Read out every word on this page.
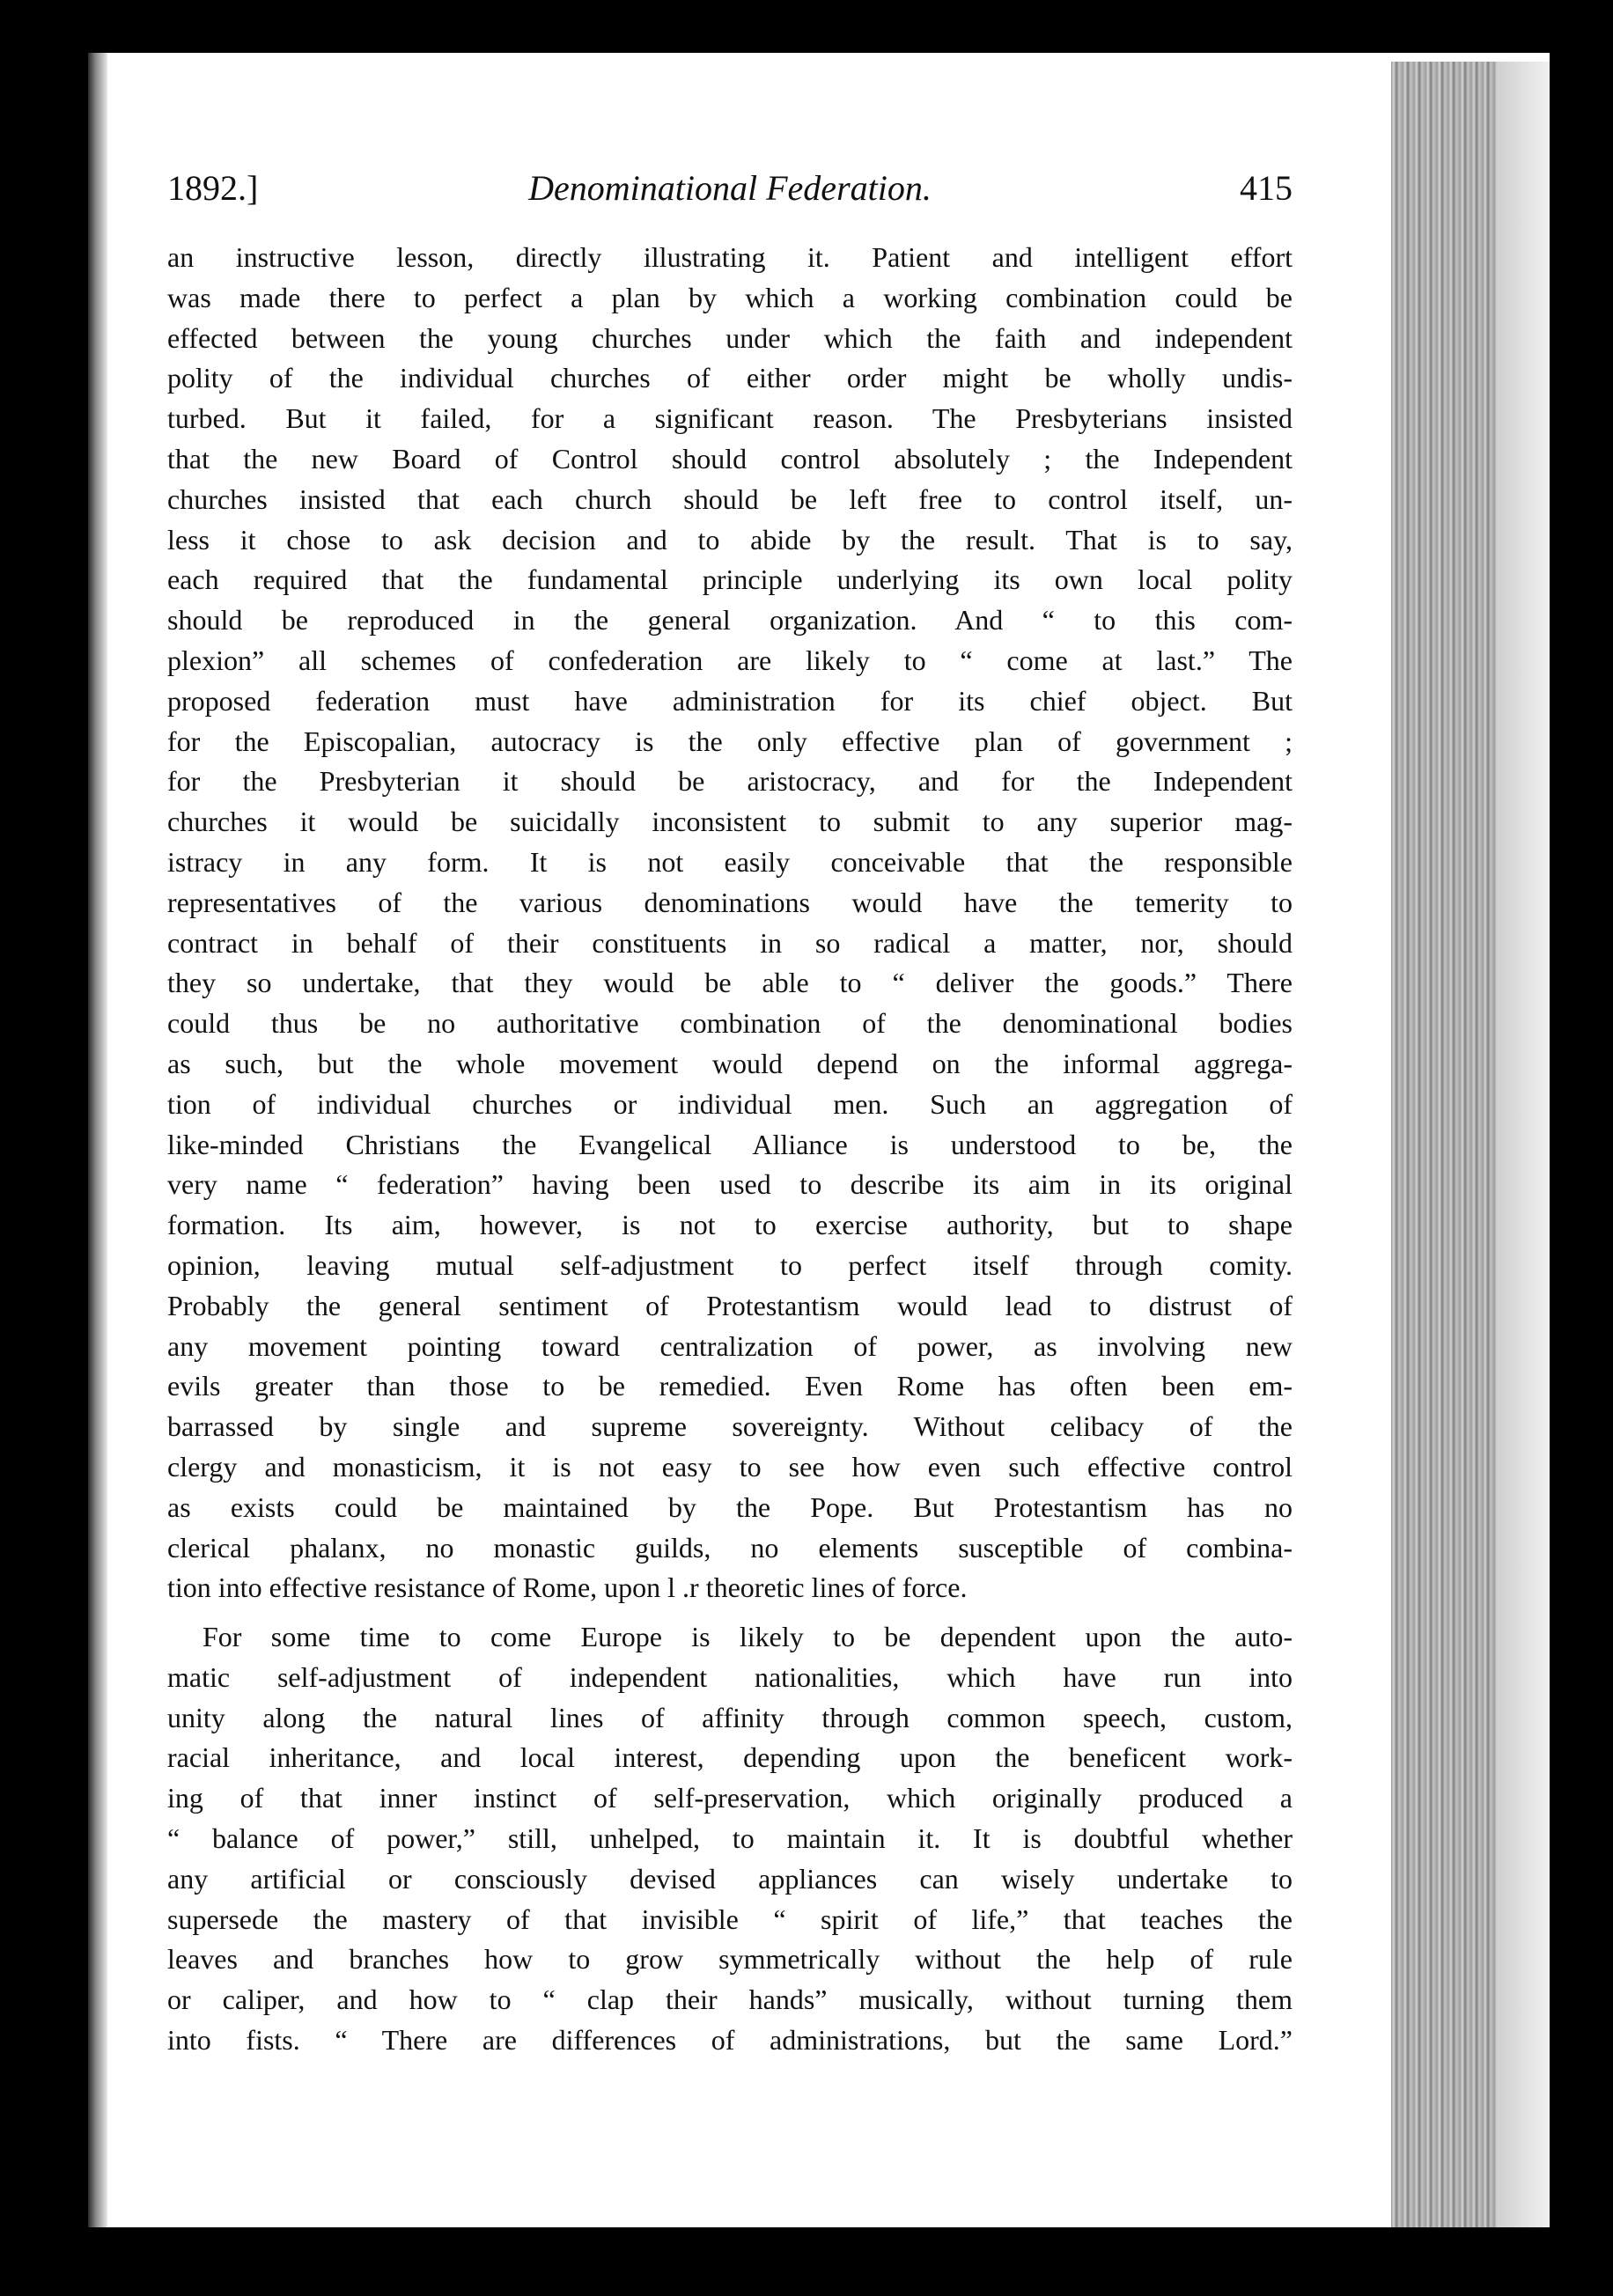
1892.]	Denominational Federation.	415

an instructive lesson, directly illustrating it. Patient and intelligent effort
was made there to perfect a plan by which a working combination could be
effected between the young churches under which the faith and independent
polity of the individual churches of either order might be wholly undis-
turbed. But it failed, for a significant reason. The Presbyterians insisted
that the new Board of Control should control absolutely ; the Independent
churches insisted that each church should be left free to control itself, un-
less it chose to ask decision and to abide by the result. That is to say,
each required that the fundamental principle underlying its own local polity
should be reproduced in the general organization. And “ to this com-
plexion” all schemes of confederation are likely to “ come at last.” The
proposed federation must have administration for its chief object. But
for the Episcopalian, autocracy is the only effective plan of government ;
for the Presbyterian it should be aristocracy, and for the Independent
churches it would be suicidally inconsistent to submit to any superior mag-
istracy in any form. It is not easily conceivable that the responsible
representatives of the various denominations would have the temerity to
contract in behalf of their constituents in so radical a matter, nor, should
they so undertake, that they would be able to “ deliver the goods.” There
could thus be no authoritative combination of the denominational bodies
as such, but the whole movement would depend on the informal aggrega-
tion of individual churches or individual men. Such an aggregation of
like-minded Christians the Evangelical Alliance is understood to be, the
very name “ federation” having been used to describe its aim in its original
formation. Its aim, however, is not to exercise authority, but to shape
opinion, leaving mutual self-adjustment to perfect itself through comity.
Probably the general sentiment of Protestantism would lead to distrust of
any movement pointing toward centralization of power, as involving new
evils greater than those to be remedied. Even Rome has often been em-
barrassed by single and supreme sovereignty. Without celibacy of the
clergy and monasticism, it is not easy to see how even such effective control
as exists could be maintained by the Pope. But Protestantism has no
clerical phalanx, no monastic guilds, no elements susceptible of combina-
tion into effective resistance of Rome, upon l .r theoretic lines of force.

For some time to come Europe is likely to be dependent upon the auto-
matic self-adjustment of independent nationalities, which have run into
unity along the natural lines of affinity through common speech, custom,
racial inheritance, and local interest, depending upon the beneficent work-
ing of that inner instinct of self-preservation, which originally produced a
“ balance of power,” still, unhelped, to maintain it. It is doubtful whether
any artificial or consciously devised appliances can wisely undertake to
supersede the mastery of that invisible “ spirit of life,” that teaches the
leaves and branches how to grow symmetrically without the help of rule
or caliper, and how to “ clap their hands” musically, without turning them
into fists. “ There are differences of administrations, but the same Lord.”
